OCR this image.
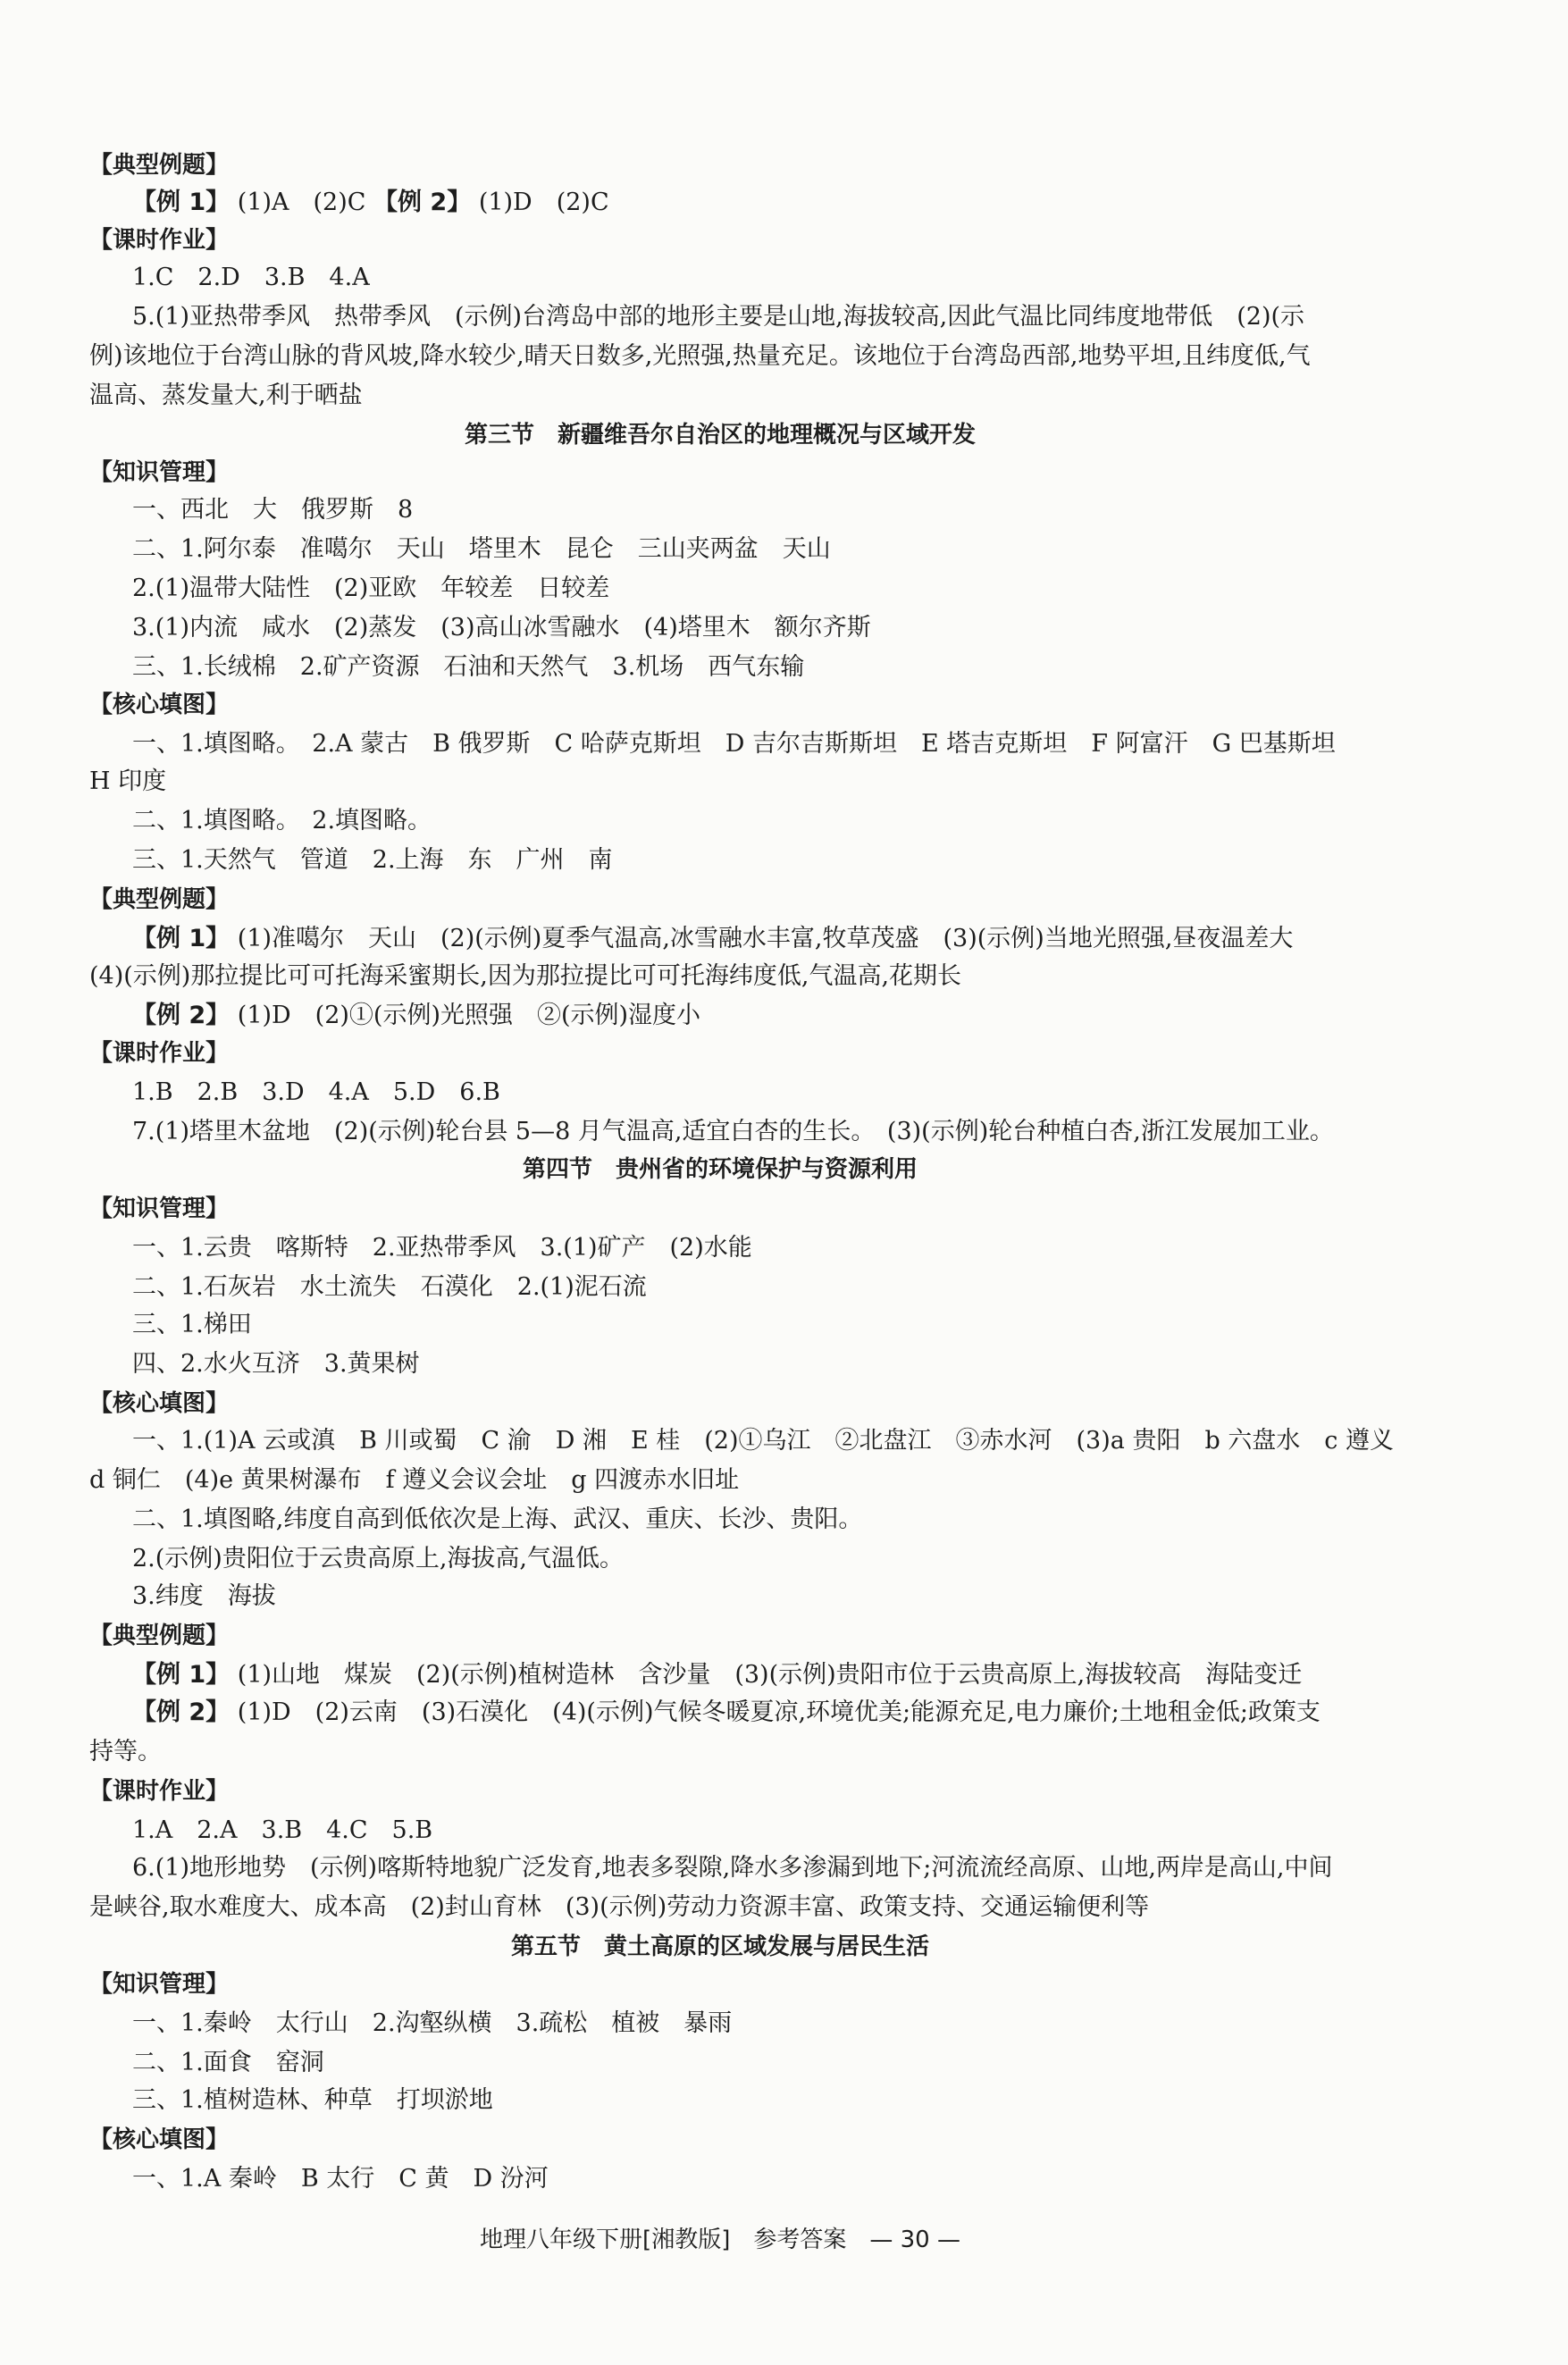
【典型例题】
【例 1】 (1)A　(2)C 【例 2】 (1)D　(2)C
【课时作业】
1.C　2.D　3.B　4.A
5.(1)亚热带季风　热带季风　(示例)台湾岛中部的地形主要是山地,海拔较高,因此气温比同纬度地带低　(2)(示
例)该地位于台湾山脉的背风坡,降水较少,晴天日数多,光照强,热量充足。该地位于台湾岛西部,地势平坦,且纬度低,气
温高、蒸发量大,利于晒盐
第三节　新疆维吾尔自治区的地理概况与区域开发
【知识管理】
一、西北　大　俄罗斯　8
二、1.阿尔泰　准噶尔　天山　塔里木　昆仑　三山夹两盆　天山
2.(1)温带大陆性　(2)亚欧　年较差　日较差
3.(1)内流　咸水　(2)蒸发　(3)高山冰雪融水　(4)塔里木　额尔齐斯
三、1.长绒棉　2.矿产资源　石油和天然气　3.机场　西气东输
【核心填图】
一、1.填图略。　2.A 蒙古　B 俄罗斯　C 哈萨克斯坦　D 吉尔吉斯斯坦　E 塔吉克斯坦　F 阿富汗　G 巴基斯坦
H 印度
二、1.填图略。　2.填图略。
三、1.天然气　管道　2.上海　东　广州　南
【典型例题】
【例 1】 (1)准噶尔　天山　(2)(示例)夏季气温高,冰雪融水丰富,牧草茂盛　(3)(示例)当地光照强,昼夜温差大
(4)(示例)那拉提比可可托海采蜜期长,因为那拉提比可可托海纬度低,气温高,花期长
【例 2】 (1)D　(2)①(示例)光照强　②(示例)湿度小
【课时作业】
1.B　2.B　3.D　4.A　5.D　6.B
7.(1)塔里木盆地　(2)(示例)轮台县 5—8 月气温高,适宜白杏的生长。　(3)(示例)轮台种植白杏,浙江发展加工业。
第四节　贵州省的环境保护与资源利用
【知识管理】
一、1.云贵　喀斯特　2.亚热带季风　3.(1)矿产　(2)水能
二、1.石灰岩　水土流失　石漠化　2.(1)泥石流
三、1.梯田
四、2.水火互济　3.黄果树
【核心填图】
一、1.(1)A 云或滇　B 川或蜀　C 渝　D 湘　E 桂　(2)①乌江　②北盘江　③赤水河　(3)a 贵阳　b 六盘水　c 遵义
d 铜仁　(4)e 黄果树瀑布　f 遵义会议会址　g 四渡赤水旧址
二、1.填图略,纬度自高到低依次是上海、武汉、重庆、长沙、贵阳。
2.(示例)贵阳位于云贵高原上,海拔高,气温低。
3.纬度　海拔
【典型例题】
【例 1】 (1)山地　煤炭　(2)(示例)植树造林　含沙量　(3)(示例)贵阳市位于云贵高原上,海拔较高　海陆变迁
【例 2】 (1)D　(2)云南　(3)石漠化　(4)(示例)气候冬暖夏凉,环境优美;能源充足,电力廉价;土地租金低;政策支
持等。
【课时作业】
1.A　2.A　3.B　4.C　5.B
6.(1)地形地势　(示例)喀斯特地貌广泛发育,地表多裂隙,降水多渗漏到地下;河流流经高原、山地,两岸是高山,中间
是峡谷,取水难度大、成本高　(2)封山育林　(3)(示例)劳动力资源丰富、政策支持、交通运输便利等
第五节　黄土高原的区域发展与居民生活
【知识管理】
一、1.秦岭　太行山　2.沟壑纵横　3.疏松　植被　暴雨
二、1.面食　窑洞
三、1.植树造林、种草　打坝淤地
【核心填图】
一、1.A 秦岭　B 太行　C 黄　D 汾河
地理八年级下册[湘教版]　参考答案　— 30 —
